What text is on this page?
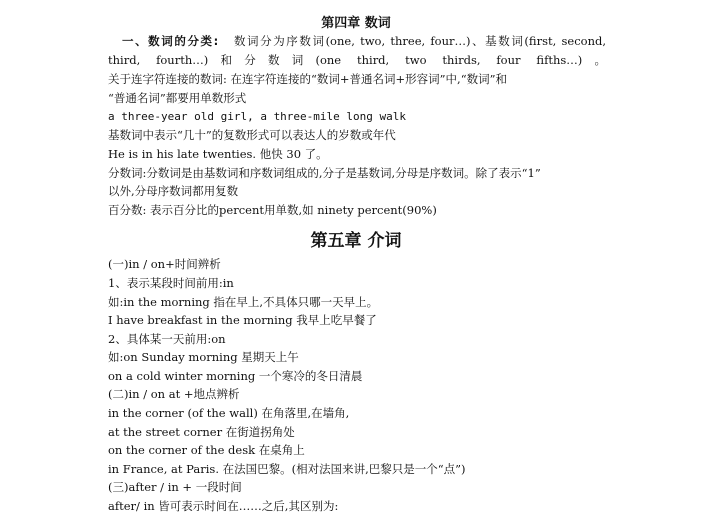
第四章 数词
一、数词的分类: 数词分为序数词(one, two, three, four…)、基数词(first, second,
third, fourth…)和分数词(one third, two thirds, four fifths…)。
关于连字符连接的数词: 在连字符连接的“数词+普通名词+形容词”中,“数词”和
“普通名词”都要用单数形式
a three-year old girl, a three-mile long walk
基数词中表示“几十”的复数形式可以表达人的岁数或年代
He is in his late twenties. 他快 30 了。
分数词:分数词是由基数词和序数词组成的,分子是基数词,分母是序数词。除了表示“1”
以外,分母序数词都用复数
百分数: 表示百分比的percent用单数,如 ninety percent(90%)
第五章 介词
(一)in / on+时间辨析
1、表示某段时间前用:in
如:in the morning 指在早上,不具体只哪一天早上。
I have breakfast in the morning 我早上吃早餐了
2、具体某一天前用:on
如:on Sunday morning 星期天上午
on a cold winter morning 一个寒冷的冬日清晨
(二)in / on at +地点辨析
in the corner (of the wall) 在角落里,在墙角,
at the street corner 在街道拐角处
on the corner of the desk 在桌角上
in France, at Paris. 在法国巴黎。(相对法国来讲,巴黎只是一个“点”)
(三)after / in + 一段时间
after/ in 皆可表示时间在……之后,其区别为:
